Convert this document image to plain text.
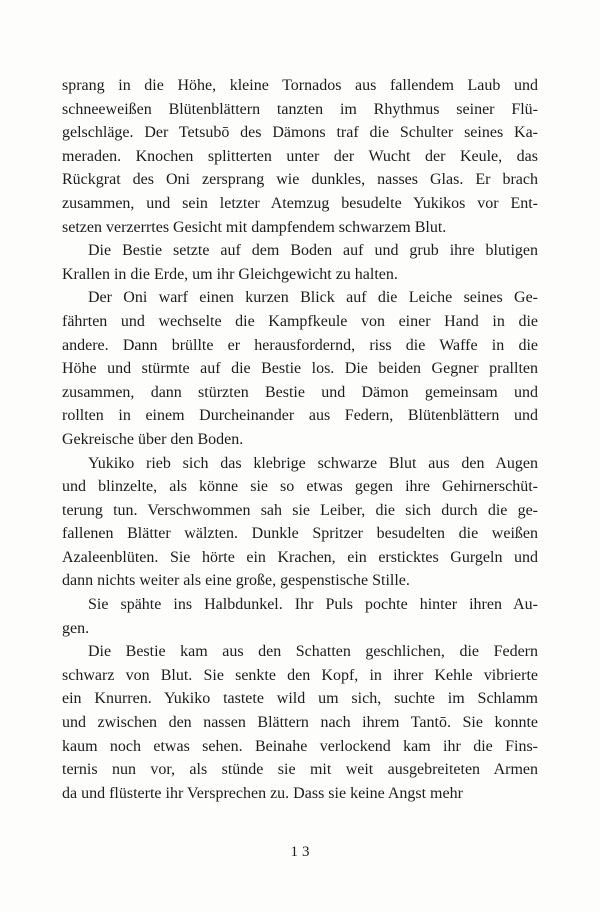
sprang in die Höhe, kleine Tornados aus fallendem Laub und
schneeweißen Blütenblättern tanzten im Rhythmus seiner Flü-
gelschläge. Der Tetsubō des Dämons traf die Schulter seines Ka-
meraden. Knochen splitterten unter der Wucht der Keule, das
Rückgrat des Oni zersprang wie dunkles, nasses Glas. Er brach
zusammen, und sein letzter Atemzug besudelte Yukikos vor Ent-
setzen verzerrtes Gesicht mit dampfendem schwarzem Blut.
Die Bestie setzte auf dem Boden auf und grub ihre blutigen
Krallen in die Erde, um ihr Gleichgewicht zu halten.
Der Oni warf einen kurzen Blick auf die Leiche seines Ge-
fährten und wechselte die Kampfkeule von einer Hand in die
andere. Dann brüllte er herausfordernd, riss die Waffe in die
Höhe und stürmte auf die Bestie los. Die beiden Gegner prallten
zusammen, dann stürzten Bestie und Dämon gemeinsam und
rollten in einem Durcheinander aus Federn, Blütenblättern und
Gekreische über den Boden.
Yukiko rieb sich das klebrige schwarze Blut aus den Augen
und blinzelte, als könne sie so etwas gegen ihre Gehirnerschüt-
terung tun. Verschwommen sah sie Leiber, die sich durch die ge-
fallenen Blätter wälzten. Dunkle Spritzer besudelten die weißen
Azaleenblüten. Sie hörte ein Krachen, ein ersticktes Gurgeln und
dann nichts weiter als eine große, gespenstische Stille.
Sie spähte ins Halbdunkel. Ihr Puls pochte hinter ihren Au-
gen.
Die Bestie kam aus den Schatten geschlichen, die Federn
schwarz von Blut. Sie senkte den Kopf, in ihrer Kehle vibrierte
ein Knurren. Yukiko tastete wild um sich, suchte im Schlamm
und zwischen den nassen Blättern nach ihrem Tantō. Sie konnte
kaum noch etwas sehen. Beinahe verlockend kam ihr die Fins-
ternis nun vor, als stünde sie mit weit ausgebreiteten Armen
da und flüsterte ihr Versprechen zu. Dass sie keine Angst mehr
13
